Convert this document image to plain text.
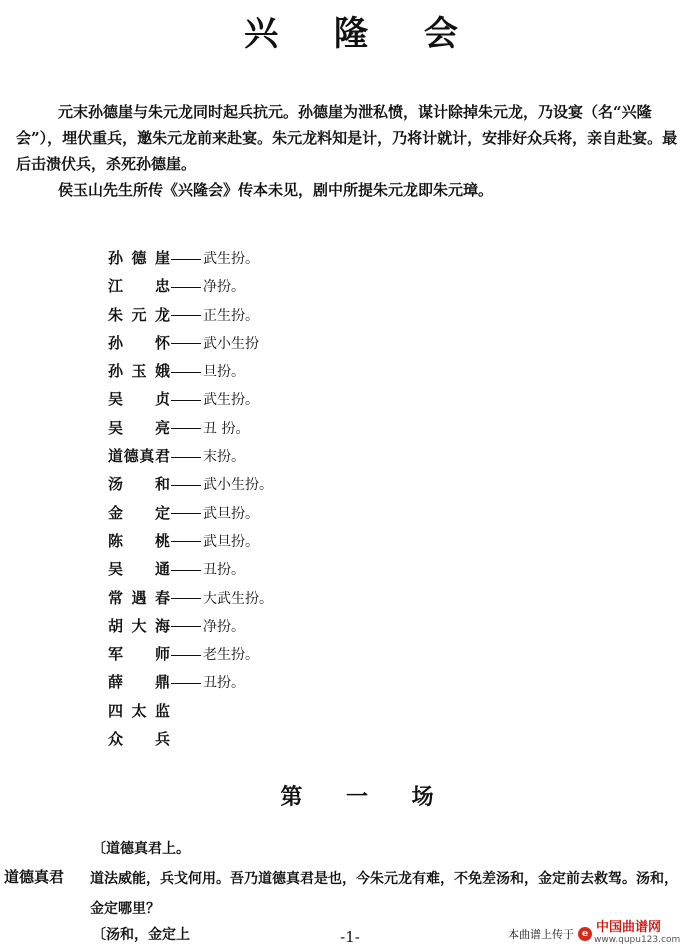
兴 隆 会

元末孙德崖与朱元龙同时起兵抗元。孙德崖为泄私愤，谋计除掉朱元龙，乃设宴（名“兴隆会”），埋伏重兵，邀朱元龙前来赴宴。朱元龙料知是计，乃将计就计，安排好众兵将，亲自赴宴。最后击溃伏兵，杀死孙德崖。

侯玉山先生所传《兴隆会》传本未见，剧中所提朱元龙即朱元璋。

孙德崖 武生扮。
江忠 净扮。
朱元龙 正生扮。
孙怀 武小生扮
孙玉娥 旦扮。
吴贞 武生扮。
吴亮 丑 扮。
道德真君 末扮。
汤和 武小生扮。
金定 武旦扮。
陈桃 武旦扮。
吴通 丑扮。
常遇春 大武生扮。
胡大海 净扮。
军师 老生扮。
薛鼎 丑扮。
四太监
众兵
第 一 场
〔道德真君上。
道德真君 道法威能，兵戈何用。吾乃道德真君是也，今朱元龙有难，不免差汤和，金定前去救驾。汤和，金定哪里？
〔汤和，金定上	-1-	本曲谱上传于 e 中国曲谱网
www.qupu123.com
